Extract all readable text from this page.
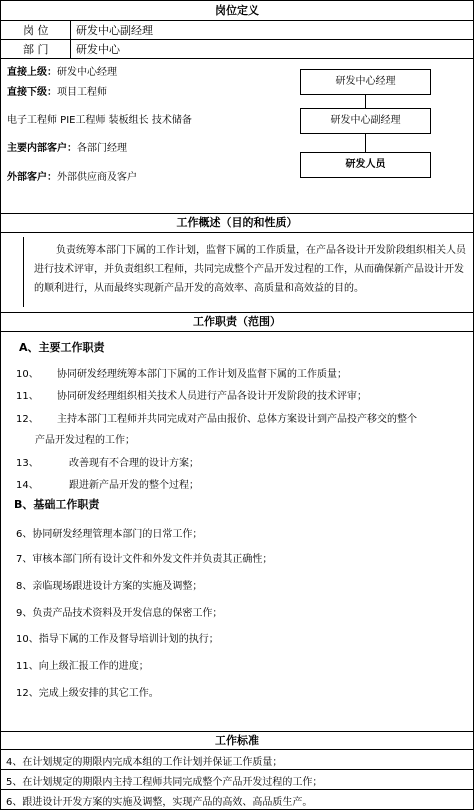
岗位定义
岗 位	研发中心副经理
部 门	研发中心
直接上级：研发中心经理
直接下级：项目工程师
电子工程师 PIE工程师 装板组长 技术储备
主要内部客户：各部门经理
外部客户：外部供应商及客户
研发中心经理
研发中心副经理
研发人员
工作概述（目的和性质）
负责统筹本部门下属的工作计划，监督下属的工作质量，在产品各设计开发阶段组织相关人员进行技术评审，并负责组织工程师，共同完成整个产品开发过程的工作，从而确保新产品设计开发的顺利进行，从而最终实现新产品开发的高效率、高质量和高效益的目的。
工作职责（范围）
A、主要工作职责
10、 协同研发经理统筹本部门下属的工作计划及监督下属的工作质量；
11、 协同研发经理组织相关技术人员进行产品各设计开发阶段的技术评审；
12、 主持本部门工程师并共同完成对产品由报价、总体方案设计到产品投产移交的整个
产品开发过程的工作；
13、	改善现有不合理的设计方案；
14、	跟进新产品开发的整个过程；
B、基础工作职责
6、协同研发经理管理本部门的日常工作；
7、审核本部门所有设计文件和外发文件并负责其正确性；
8、亲临现场跟进设计方案的实施及调整；
9、负责产品技术资料及开发信息的保密工作；
10、指导下属的工作及督导培训计划的执行；
11、向上级汇报工作的进度；
12、完成上级安排的其它工作。
工作标准
4、在计划规定的期限内完成本组的工作计划并保证工作质量；
5、在计划规定的期限内主持工程师共同完成整个产品开发过程的工作；
6、跟进设计开发方案的实施及调整，实现产品的高效、高品质生产。
